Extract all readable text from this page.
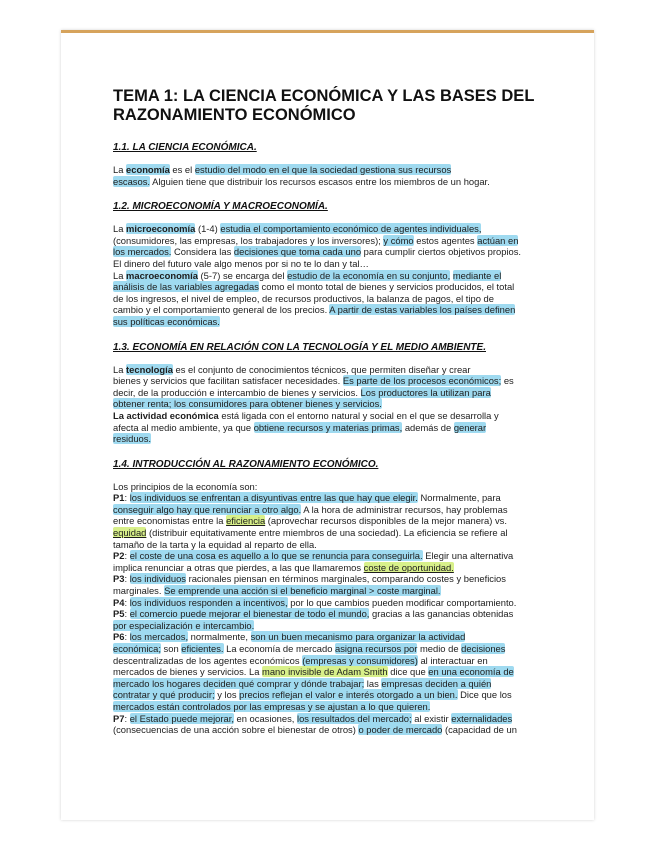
TEMA 1: LA CIENCIA ECONÓMICA Y LAS BASES DEL RAZONAMIENTO ECONÓMICO
1.1. LA CIENCIA ECONÓMICA.

La economía es el estudio del modo en el que la sociedad gestiona sus recursos
escasos. Alguien tiene que distribuir los recursos escasos entre los miembros de un hogar.

1.2. MICROECONOMÍA Y MACROECONOMÍA.

La microeconomía (1-4) estudia el comportamiento económico de agentes individuales,
(consumidores, las empresas, los trabajadores y los inversores); y cómo estos agentes actúan en
los mercados. Considera las decisiones que toma cada uno para cumplir ciertos objetivos propios.
El dinero del futuro vale algo menos por si no te lo dan y tal…
La macroeconomía (5-7) se encarga del estudio de la economía en su conjunto, mediante el
análisis de las variables agregadas como el monto total de bienes y servicios producidos, el total
de los ingresos, el nivel de empleo, de recursos productivos, la balanza de pagos, el tipo de
cambio y el comportamiento general de los precios. A partir de estas variables los países definen
sus políticas económicas.

1.3. ECONOMÍA EN RELACIÓN CON LA TECNOLOGÍA Y EL MEDIO AMBIENTE.

La tecnología es el conjunto de conocimientos técnicos, que permiten diseñar y crear
bienes y servicios que facilitan satisfacer necesidades. Es parte de los procesos económicos; es
decir, de la producción e intercambio de bienes y servicios. Los productores la utilizan para
obtener renta; los consumidores para obtener bienes y servicios.
La actividad económica está ligada con el entorno natural y social en el que se desarrolla y
afecta al medio ambiente, ya que obtiene recursos y materias primas, además de generar
residuos.

1.4. INTRODUCCIÓN AL RAZONAMIENTO ECONÓMICO.

Los principios de la economía son:
P1: los individuos se enfrentan a disyuntivas entre las que hay que elegir. Normalmente, para
conseguir algo hay que renunciar a otro algo. A la hora de administrar recursos, hay problemas
entre economistas entre la eficiencia (aprovechar recursos disponibles de la mejor manera) vs.
equidad (distribuir equitativamente entre miembros de una sociedad). La eficiencia se refiere al
tamaño de la tarta y la equidad al reparto de ella.
P2: el coste de una cosa es aquello a lo que se renuncia para conseguirla. Elegir una alternativa
implica renunciar a otras que pierdes, a las que llamaremos coste de oportunidad.
P3: los individuos racionales piensan en términos marginales, comparando costes y beneficios
marginales. Se emprende una acción si el beneficio marginal > coste marginal.
P4: los individuos responden a incentivos, por lo que cambios pueden modificar comportamiento.
P5: el comercio puede mejorar el bienestar de todo el mundo, gracias a las ganancias obtenidas
por especialización e intercambio.
P6: los mercados, normalmente, son un buen mecanismo para organizar la actividad
económica; son eficientes. La economía de mercado asigna recursos por medio de decisiones
descentralizadas de los agentes económicos (empresas y consumidores) al interactuar en
mercados de bienes y servicios. La mano invisible de Adam Smith dice que en una economía de
mercado los hogares deciden qué comprar y dónde trabajar; las empresas deciden a quién
contratar y qué producir; y los precios reflejan el valor e interés otorgado a un bien. Dice que los
mercados están controlados por las empresas y se ajustan a lo que quieren.
P7: el Estado puede mejorar, en ocasiones, los resultados del mercado; al existir externalidades
(consecuencias de una acción sobre el bienestar de otros) o poder de mercado (capacidad de un
